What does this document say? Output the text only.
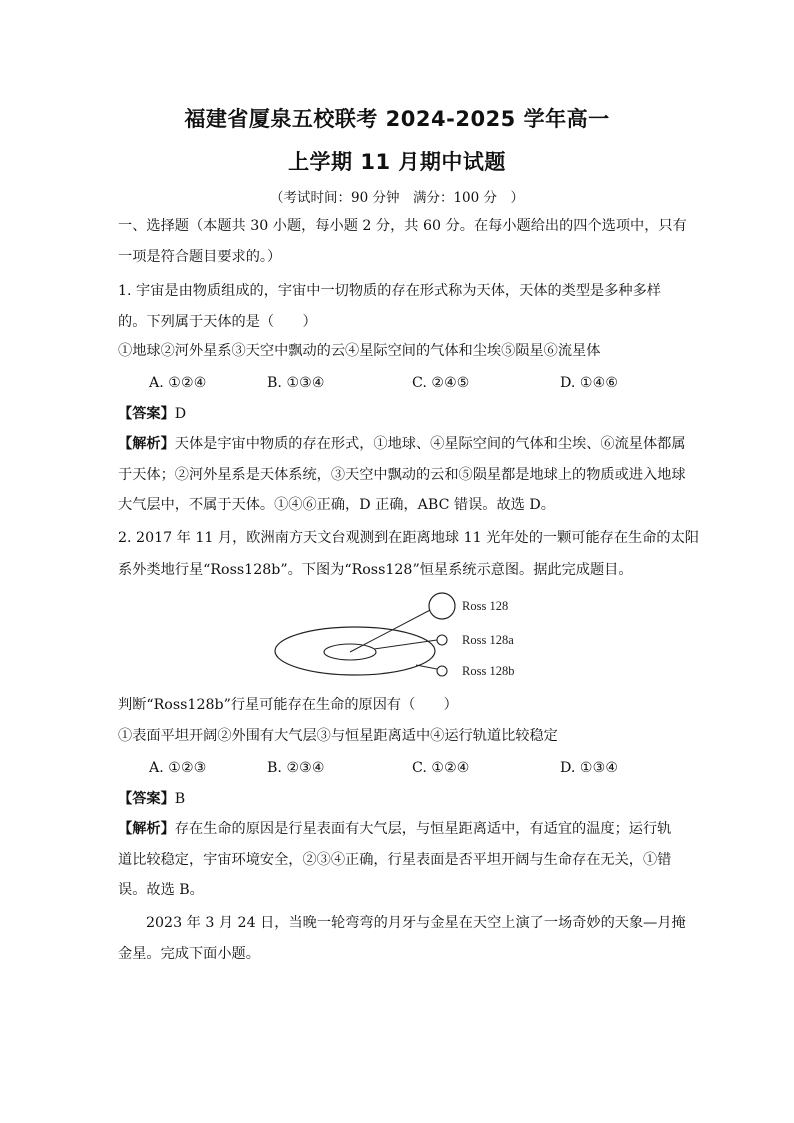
福建省厦泉五校联考 2024-2025 学年高一
上学期 11 月期中试题
（考试时间：90 分钟　满分：100 分　）
一、选择题（本题共 30 小题，每小题 2 分，共 60 分。在每小题给出的四个选项中，只有
一项是符合题目要求的。）
1. 宇宙是由物质组成的，宇宙中一切物质的存在形式称为天体，天体的类型是多种多样
的。下列属于天体的是（　　）
①地球②河外星系③天空中飘动的云④星际空间的气体和尘埃⑤陨星⑥流星体
A. ①②④	B. ①③④	C. ②④⑤	D. ①④⑥
【答案】D
【解析】天体是宇宙中物质的存在形式，①地球、④星际空间的气体和尘埃、⑥流星体都属
于天体；②河外星系是天体系统，③天空中飘动的云和⑤陨星都是地球上的物质或进入地球
大气层中，不属于天体。①④⑥正确，D 正确，ABC 错误。故选 D。
2. 2017 年 11 月，欧洲南方天文台观测到在距离地球 11 光年处的一颗可能存在生命的太阳
系外类地行星“Ross128b”。下图为“Ross128”恒星系统示意图。据此完成题目。
Ross 128
Ross 128a
Ross 128b
判断“Ross128b”行星可能存在生命的原因有（　　）
①表面平坦开阔②外围有大气层③与恒星距离适中④运行轨道比较稳定
A. ①②③	B. ②③④	C. ①②④	D. ①③④
【答案】B
【解析】存在生命的原因是行星表面有大气层，与恒星距离适中，有适宜的温度；运行轨
道比较稳定，宇宙环境安全，②③④正确，行星表面是否平坦开阔与生命存在无关，①错
误。故选 B。
2023 年 3 月 24 日，当晚一轮弯弯的月牙与金星在天空上演了一场奇妙的天象—月掩
金星。完成下面小题。
